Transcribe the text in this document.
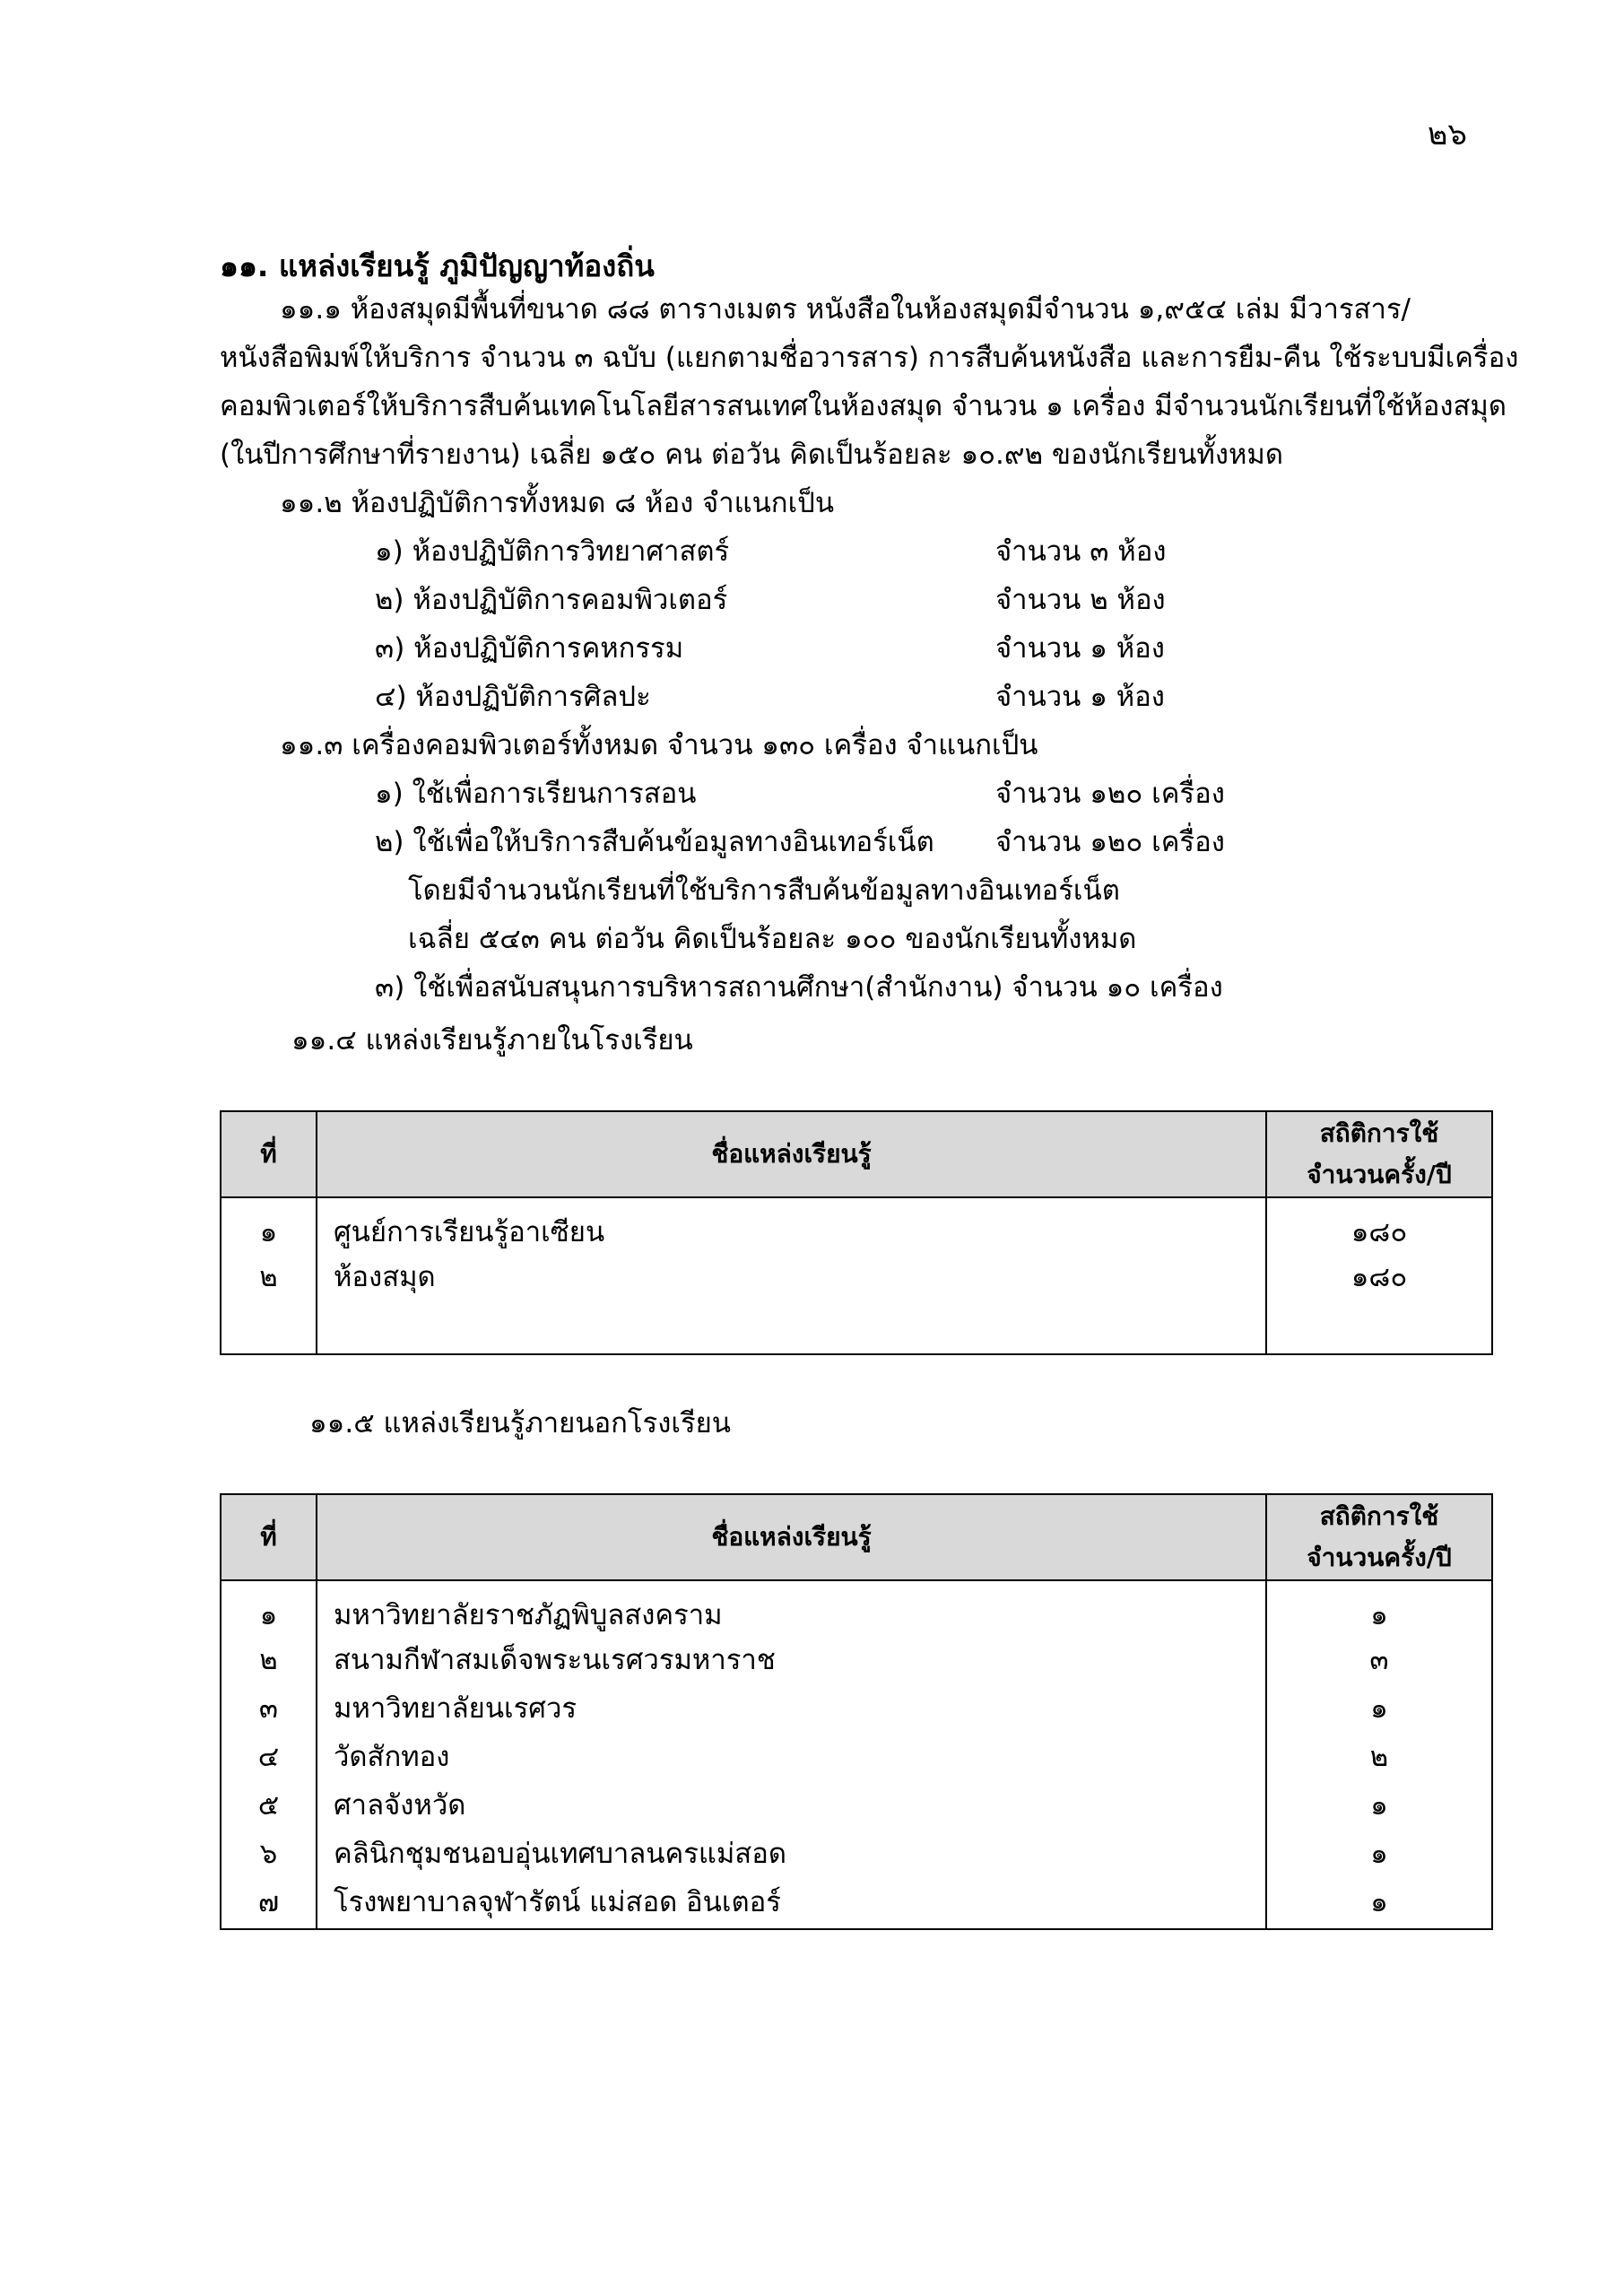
๒๖
๑๑. แหล่งเรียนรู้ ภูมิปัญญาท้องถิ่น
๑๑.๑ ห้องสมุดมีพื้นที่ขนาด ๘๘ ตารางเมตร หนังสือในห้องสมุดมีจำนวน ๑,๙๕๔ เล่ม มีวารสาร/
หนังสือพิมพ์ให้บริการ จำนวน ๓ ฉบับ (แยกตามชื่อวารสาร) การสืบค้นหนังสือ และการยืม-คืน ใช้ระบบมีเครื่อง
คอมพิวเตอร์ให้บริการสืบค้นเทคโนโลยีสารสนเทศในห้องสมุด จำนวน ๑ เครื่อง มีจำนวนนักเรียนที่ใช้ห้องสมุด
(ในปีการศึกษาที่รายงาน) เฉลี่ย ๑๕๐ คน ต่อวัน คิดเป็นร้อยละ ๑๐.๙๒ ของนักเรียนทั้งหมด
๑๑.๒ ห้องปฏิบัติการทั้งหมด ๘ ห้อง จำแนกเป็น
๑) ห้องปฏิบัติการวิทยาศาสตร์	จำนวน ๓ ห้อง
๒) ห้องปฏิบัติการคอมพิวเตอร์	จำนวน ๒ ห้อง
๓) ห้องปฏิบัติการคหกรรม	จำนวน ๑ ห้อง
๔) ห้องปฏิบัติการศิลปะ	จำนวน ๑ ห้อง
๑๑.๓ เครื่องคอมพิวเตอร์ทั้งหมด จำนวน ๑๓๐ เครื่อง จำแนกเป็น
๑) ใช้เพื่อการเรียนการสอน	จำนวน ๑๒๐ เครื่อง
๒) ใช้เพื่อให้บริการสืบค้นข้อมูลทางอินเทอร์เน็ต จำนวน ๑๒๐ เครื่อง
โดยมีจำนวนนักเรียนที่ใช้บริการสืบค้นข้อมูลทางอินเทอร์เน็ต
เฉลี่ย ๕๔๓ คน ต่อวัน คิดเป็นร้อยละ ๑๐๐ ของนักเรียนทั้งหมด
๓) ใช้เพื่อสนับสนุนการบริหารสถานศึกษา(สำนักงาน) จำนวน ๑๐ เครื่อง
๑๑.๔ แหล่งเรียนรู้ภายในโรงเรียน
ที่	ชื่อแหล่งเรียนรู้	สถิติการใช้
จำนวนครั้ง/ปี

๑	ศูนย์การเรียนรู้อาเซียน	๑๘๐
๒	ห้องสมุด	๑๘๐
๑๑.๕ แหล่งเรียนรู้ภายนอกโรงเรียน
ที่	ชื่อแหล่งเรียนรู้	สถิติการใช้
จำนวนครั้ง/ปี

๑	มหาวิทยาลัยราชภัฏพิบูลสงคราม	๑
๒	สนามกีฬาสมเด็จพระนเรศวรมหาราช	๓
๓	มหาวิทยาลัยนเรศวร	๑
๔	วัดสักทอง	๒
๕	ศาลจังหวัด	๑
๖	คลินิกชุมชนอบอุ่นเทศบาลนครแม่สอด	๑
๗	โรงพยาบาลจุฬารัตน์ แม่สอด อินเตอร์	๑
